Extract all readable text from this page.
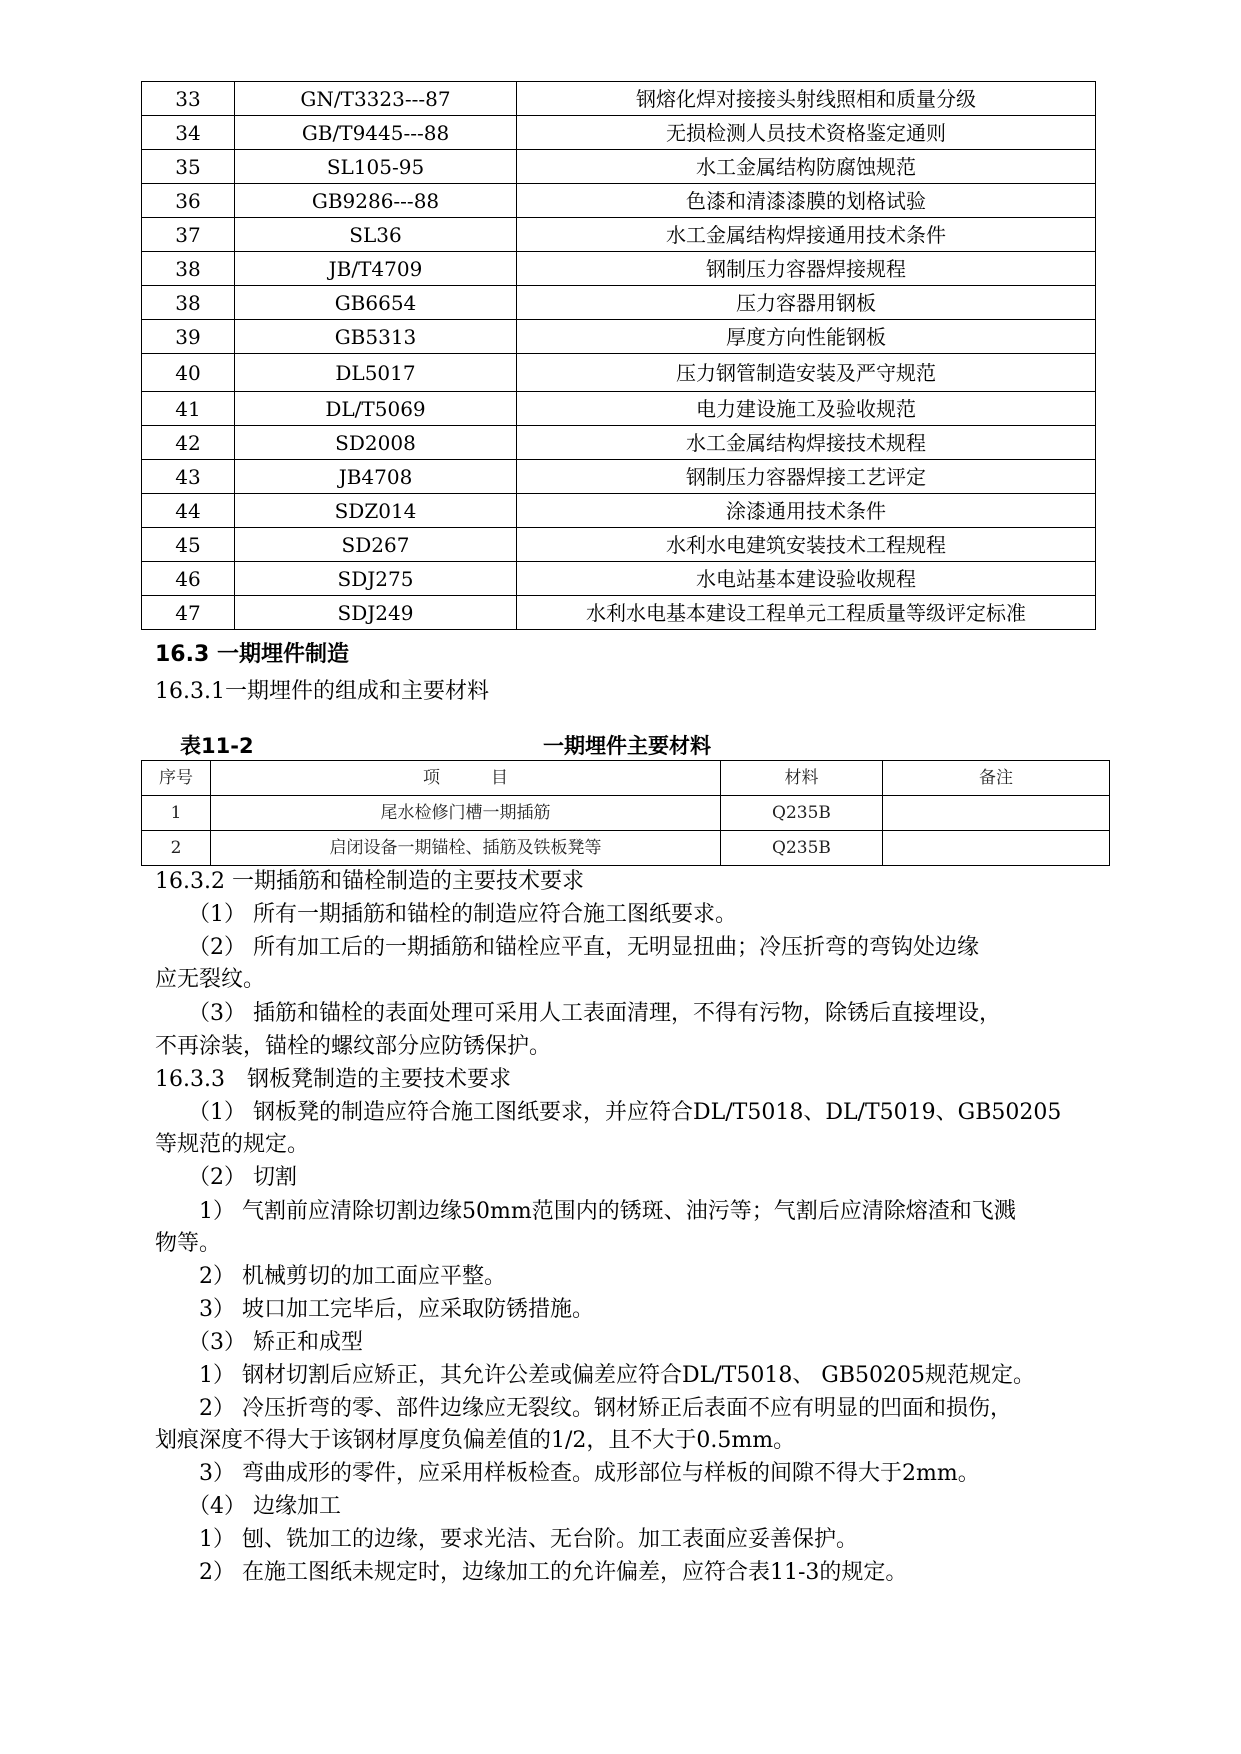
33	GN/T3323---87	钢熔化焊对接接头射线照相和质量分级
34	GB/T9445---88	无损检测人员技术资格鉴定通则
35	SL105-95	水工金属结构防腐蚀规范
36	GB9286---88	色漆和清漆漆膜的划格试验
37	SL36	水工金属结构焊接通用技术条件
38	JB/T4709	钢制压力容器焊接规程
38	GB6654	压力容器用钢板
39	GB5313	厚度方向性能钢板
40	DL5017	压力钢管制造安装及严守规范
41	DL/T5069	电力建设施工及验收规范
42	SD2008	水工金属结构焊接技术规程
43	JB4708	钢制压力容器焊接工艺评定
44	SDZ014	涂漆通用技术条件
45	SD267	水利水电建筑安装技术工程规程
46	SDJ275	水电站基本建设验收规程
47	SDJ249	水利水电基本建设工程单元工程质量等级评定标准
16.3 一期埋件制造
16.3.1一期埋件的组成和主要材料
表11-2	一期埋件主要材料
序号	项　　　目	材料	备注
1	尾水检修门槽一期插筋	Q235B	
2	启闭设备一期锚栓、插筋及铁板凳等	Q235B	
16.3.2 一期插筋和锚栓制造的主要技术要求
　　（1） 所有一期插筋和锚栓的制造应符合施工图纸要求。
　　（2） 所有加工后的一期插筋和锚栓应平直，无明显扭曲；冷压折弯的弯钩处边缘
应无裂纹。
　　（3） 插筋和锚栓的表面处理可采用人工表面清理，不得有污物，除锈后直接埋设，
不再涂装，锚栓的螺纹部分应防锈保护。
16.3.3　钢板凳制造的主要技术要求
　　（1） 钢板凳的制造应符合施工图纸要求，并应符合DL/T5018、DL/T5019、GB50205
等规范的规定。
　　（2） 切割
　　1） 气割前应清除切割边缘50mm范围内的锈斑、油污等；气割后应清除熔渣和飞溅
物等。
　　2） 机械剪切的加工面应平整。
　　3） 坡口加工完毕后，应采取防锈措施。
　　（3） 矫正和成型
　　1） 钢材切割后应矫正，其允许公差或偏差应符合DL/T5018、 GB50205规范规定。
　　2） 冷压折弯的零、部件边缘应无裂纹。钢材矫正后表面不应有明显的凹面和损伤，
划痕深度不得大于该钢材厚度负偏差值的1/2，且不大于0.5mm。
　　3） 弯曲成形的零件，应采用样板检查。成形部位与样板的间隙不得大于2mm。
　　（4） 边缘加工
　　1） 刨、铣加工的边缘，要求光洁、无台阶。加工表面应妥善保护。
　　2） 在施工图纸未规定时，边缘加工的允许偏差，应符合表11-3的规定。
